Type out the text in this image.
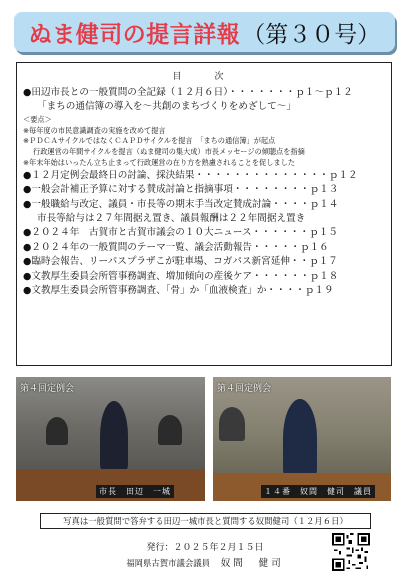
ぬま健司の提言詳報 （第３０号）
目　次
●田辺市長との一般質問の全記録（１２月６日）・・・・・・・ｐ１～ｐ１２
「まちの通信簿の導入を～共創のまちづくりをめざして～」
＜要点＞
※毎年度の市民意識調査の実施を改めて提言
※ＰＤＣＡサイクルではなくＣＡＰＤサイクルを提言　「まちの通信簿」が起点
行政運営の年間サイクルを提言（ぬま健司の集大成）市長メッセージの傾聴点を指摘
※年末年始はいったん立ち止まって行政運営の在り方を熟慮されることを促しました
●１２月定例会最終日の討論、採決結果・・・・・・・・・・・・・・ｐ１２
●一般会計補正予算に対する賛成討論と指摘事項・・・・・・・・ｐ１３
●一般職給与改定、議員・市長等の期末手当改定賛成討論・・・・ｐ１４
市長等給与は２７年間据え置き、議員報酬は２２年間据え置き
●２０２４年　古賀市と古賀市議会の１０大ニュース・・・・・・ｐ１５
●２０２４年の一般質問のテーマ一覧、議会活動報告・・・・・ｐ１６
●臨時会報告、リーパスプラザこが駐車場、コガパス新宮延伸・・ｐ１７
●文教厚生委員会所管事務調査、増加傾向の産後ケア・・・・・・ｐ１８
●文教厚生委員会所管事務調査、「骨」か「血液検査」か・・・・ｐ１９
第４回定例会
市長　田辺　一城
第４回定例会
１４番　奴間　健司　議員
写真は一般質問で答弁する田辺一城市長と質問する奴間健司（１２月６日）
発行：２０２５年２月１５日
福岡県古賀市議会議員 奴間　健司
